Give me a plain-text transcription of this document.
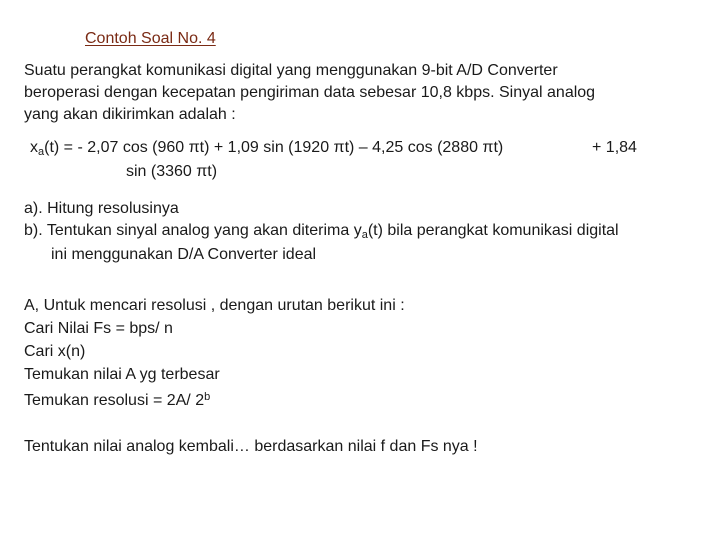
Contoh Soal No. 4
Suatu perangkat komunikasi digital yang menggunakan 9-bit A/D Converter
beroperasi dengan kecepatan pengiriman data sebesar 10,8 kbps. Sinyal analog
yang akan dikirimkan adalah :
$x_a(t)$ = - 2,07 cos (960 πt) + 1,09 sin (1920 πt) – 4,25 cos (2880 πt)	+ 1,84
sin (3360 πt)
a). Hitung resolusinya
b). Tentukan sinyal analog yang akan diterima $y_a(t)$ bila perangkat komunikasi digital
ini menggunakan D/A Converter ideal
A, Untuk mencari resolusi , dengan urutan berikut ini :
Cari Nilai Fs = bps/ n
Cari x(n)
Temukan nilai A yg terbesar
Temukan resolusi = 2A/ 2$^b$
Tentukan nilai analog kembali… berdasarkan nilai f dan Fs nya !
